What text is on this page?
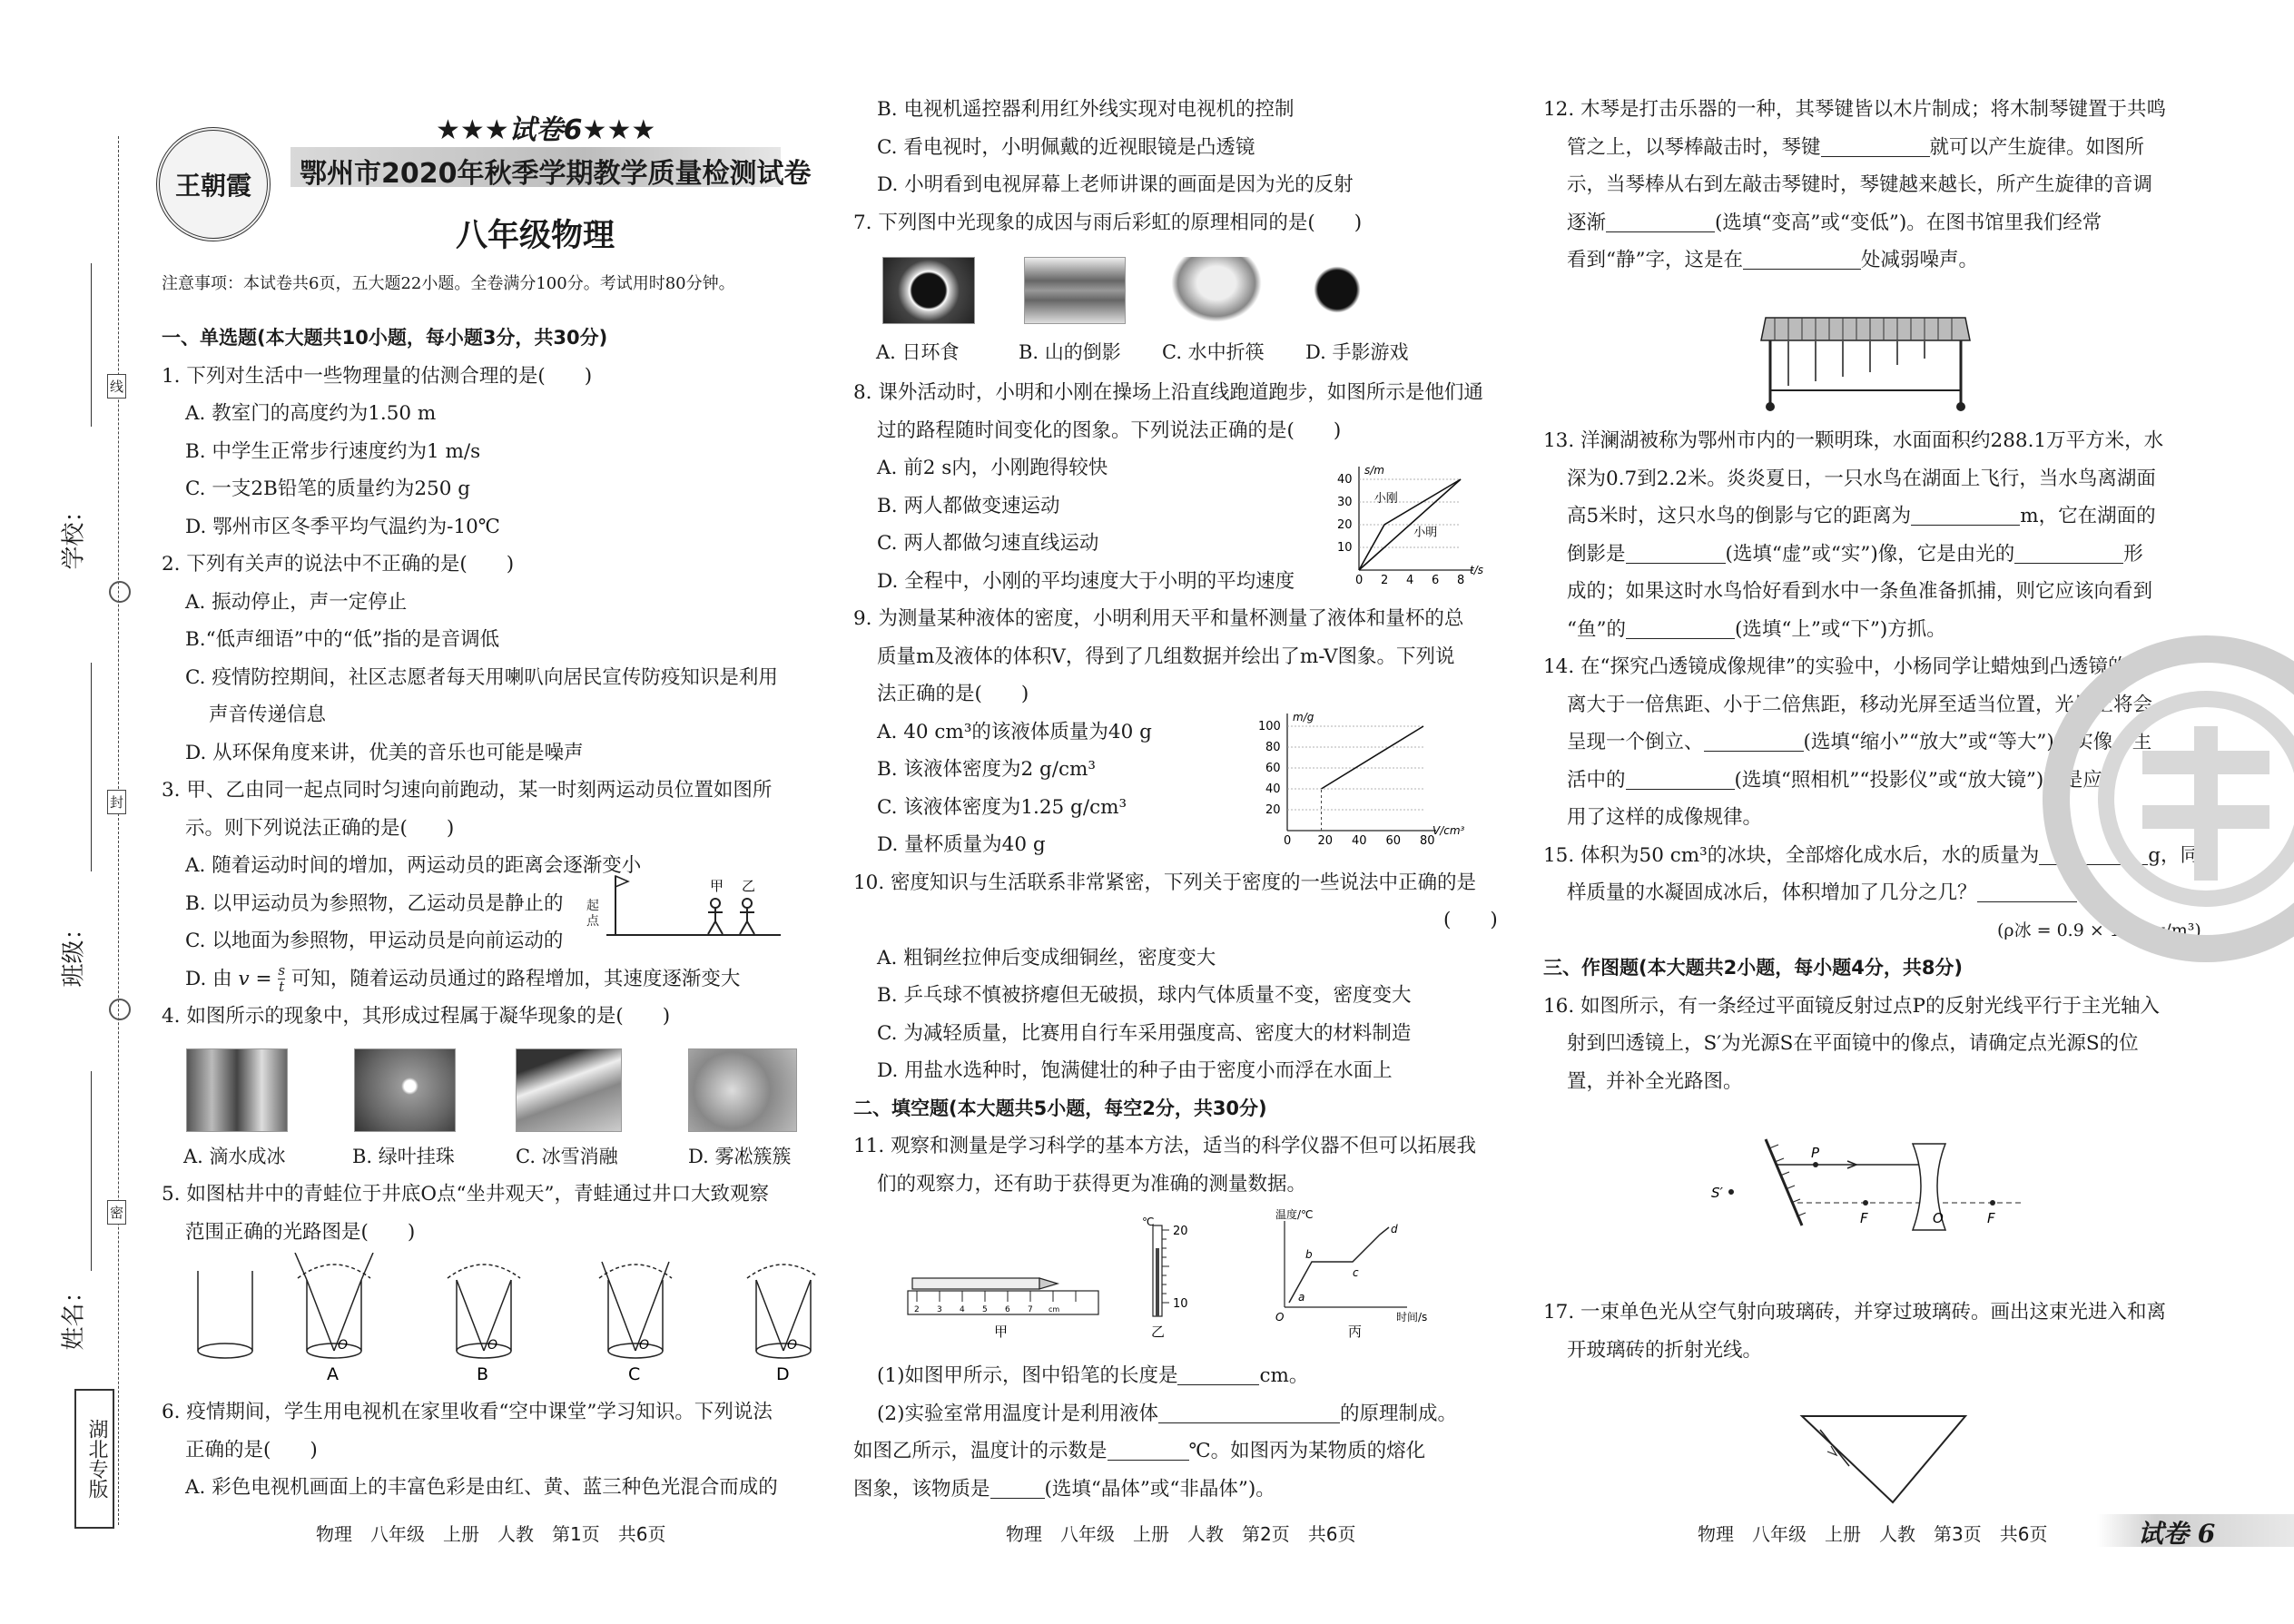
学校：
班级：
姓名：
线
封
密
湖北专版
王朝霞
★★★试卷6★★★
鄂州市2020年秋季学期教学质量检测试卷
八年级物理
注意事项：本试卷共6页，五大题22小题。全卷满分100分。考试用时80分钟。

一、单选题(本大题共10小题，每小题3分，共30分)

1. 下列对生活中一些物理量的估测合理的是(　　)

A. 教室门的高度约为1.50 m

B. 中学生正常步行速度约为1 m/s

C. 一支2B铅笔的质量约为250 g

D. 鄂州市区冬季平均气温约为-10℃

2. 下列有关声的说法中不正确的是(　　)

A. 振动停止，声一定停止

B.“低声细语”中的“低”指的是音调低

C. 疫情防控期间，社区志愿者每天用喇叭向居民宣传防疫知识是利用

声音传递信息

D. 从环保角度来讲，优美的音乐也可能是噪声

3. 甲、乙由同一起点同时匀速向前跑动，某一时刻两运动员位置如图所

示。则下列说法正确的是(　　)

A. 随着运动时间的增加，两运动员的距离会逐渐变小

B. 以甲运动员为参照物，乙运动员是静止的

C. 以地面为参照物，甲运动员是向前运动的

D. 由 $v = \frac{s}{t}$ 可知，随着运动员通过的路程增加，其速度逐渐变大

4. 如图所示的现象中，其形成过程属于凝华现象的是(　　)

甲 乙
起点
A. 滴水成冰	B. 绿叶挂珠	C. 冰雪消融	D. 雾凇簇簇

5. 如图枯井中的青蛙位于井底O点“坐井观天”，青蛙通过井口大致观察

范围正确的光路图是(　　)

O	O	O	O
A	B	C	D

6. 疫情期间，学生用电视机在家里收看“空中课堂”学习知识。下列说法

正确的是(　　)

A. 彩色电视机画面上的丰富色彩是由红、黄、蓝三种色光混合而成的

B. 电视机遥控器利用红外线实现对电视机的控制

C. 看电视时，小明佩戴的近视眼镜是凸透镜

D. 小明看到电视屏幕上老师讲课的画面是因为光的反射

7. 下列图中光现象的成因与雨后彩虹的原理相同的是(　　)

A. 日环食	B. 山的倒影 C. 水中折筷 D. 手影游戏

8. 课外活动时，小明和小刚在操场上沿直线跑道跑步，如图所示是他们通

过的路程随时间变化的图象。下列说法正确的是(　　)

A. 前2 s内，小刚跑得较快

B. 两人都做变速运动

C. 两人都做匀速直线运动

D. 全程中，小刚的平均速度大于小明的平均速度

9. 为测量某种液体的密度，小明利用天平和量杯测量了液体和量杯的总

质量m及液体的体积V，得到了几组数据并绘出了m-V图象。下列说

法正确的是(　　)

A. 40 cm³的该液体质量为40 g

B. 该液体密度为2 g/cm³

C. 该液体密度为1.25 g/cm³

D. 量杯质量为40 g

10. 密度知识与生活联系非常紧密，下列关于密度的一些说法中正确的是

(　　)

A. 粗铜丝拉伸后变成细铜丝，密度变大

B. 乒乓球不慎被挤瘪但无破损，球内气体质量不变，密度变大

C. 为减轻质量，比赛用自行车采用强度高、密度大的材料制造

D. 用盐水选种时，饱满健壮的种子由于密度小而浮在水面上

二、填空题(本大题共5小题，每空2分，共30分)

11. 观察和测量是学习科学的基本方法，适当的科学仪器不但可以拓展我

们的观察力，还有助于获得更为准确的测量数据。

0 2 4 6 8
10
20
30
40
t/s
s/m
小刚
小明
0 20 40 60 80
20
40
60
80
100
V/cm³
m/g
2 3 4 5 6 7 cm
甲
℃
20
10
乙
温度/℃
时间/s
O
a
b
c
d
丙

(1)如图甲所示，图中铅笔的长度是	cm。

(2)实验室常用温度计是利用液体	的原理制成。

如图乙所示，温度计的示数是	℃。如图丙为某物质的熔化

图象，该物质是	(选填“晶体”或“非晶体”)。

12. 木琴是打击乐器的一种，其琴键皆以木片制成；将木制琴键置于共鸣

管之上，以琴棒敲击时，琴键	就可以产生旋律。如图所

示，当琴棒从右到左敲击琴键时，琴键越来越长，所产生旋律的音调

逐渐	(选填“变高”或“变低”)。在图书馆里我们经常

看到“静”字，这是在	处减弱噪声。

13. 洋澜湖被称为鄂州市内的一颗明珠，水面面积约288.1万平方米，水

深为0.7到2.2米。炎炎夏日，一只水鸟在湖面上飞行，当水鸟离湖面

高5米时，这只水鸟的倒影与它的距离为	m，它在湖面的

倒影是	(选填“虚”或“实”)像，它是由光的	形

成的；如果这时水鸟恰好看到水中一条鱼准备抓捕，则它应该向看到

“鱼”的	(选填“上”或“下”)方抓。

14. 在“探究凸透镜成像规律”的实验中，小杨同学让蜡烛到凸透镜的距

离大于一倍焦距、小于二倍焦距，移动光屏至适当位置，光屏上将会

呈现一个倒立、	(选填“缩小”“放大”或“等大”)的实像，生

活中的	(选填“照相机”“投影仪”或“放大镜”)就是应

用了这样的成像规律。

15. 体积为50 cm³的冰块，全部熔化成水后，水的质量为	g，同

样质量的水凝固成冰后，体积增加了几分之几？

(ρ冰 = 0.9 × 10³ kg/m³)

三、作图题(本大题共2小题，每小题4分，共8分)

16. 如图所示，有一条经过平面镜反射过点P的反射光线平行于主光轴入

射到凹透镜上，S′为光源S在平面镜中的像点，请确定点光源S的位

置，并补全光路图。

S′
P
F	O	F

17. 一束单色光从空气射向玻璃砖，并穿过玻璃砖。画出这束光进入和离

开玻璃砖的折射光线。

物理　八年级　上册　人教　第1页　共6页	物理　八年级　上册　人教　第2页　共6页	物理　八年级　上册　人教　第3页　共6页	试卷 6
